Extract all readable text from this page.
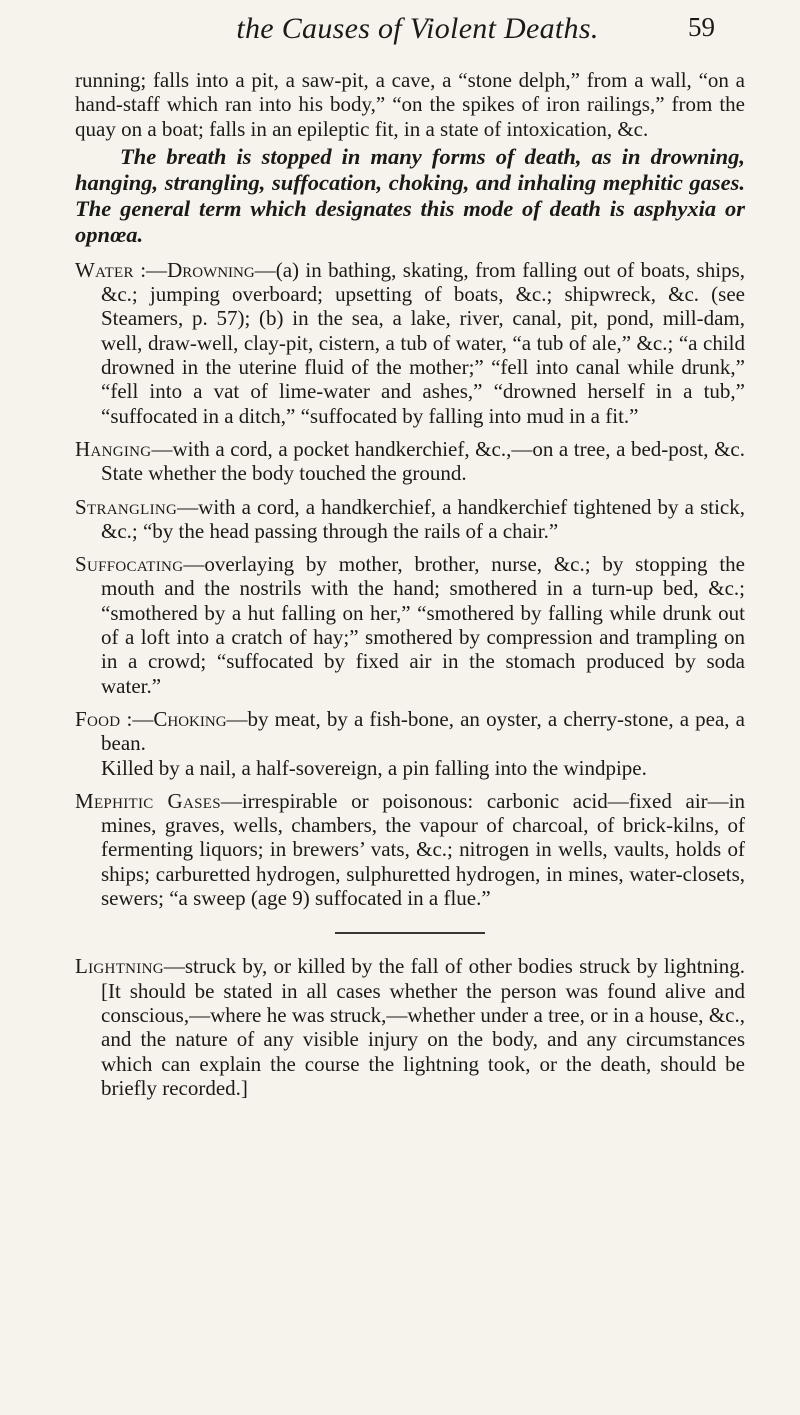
the Causes of Violent Deaths.	59

running; falls into a pit, a saw-pit, a cave, a “stone delph,” from a wall, “on a hand-staff which ran into his body,” “on the spikes of iron railings,” from the quay on a boat; falls in an epileptic fit, in a state of intoxication, &c.

The breath is stopped in many forms of death, as in drowning, hanging, strangling, suffocation, choking, and inhaling mephitic gases. The general term which designates this mode of death is asphyxia or opnœa.

Water :—Drowning—(a) in bathing, skating, from falling out of boats, ships, &c.; jumping overboard; upsetting of boats, &c.; shipwreck, &c. (see Steamers, p. 57); (b) in the sea, a lake, river, canal, pit, pond, mill-dam, well, draw-well, clay-pit, cistern, a tub of water, “a tub of ale,” &c.; “a child drowned in the uterine fluid of the mother;” “fell into canal while drunk,” “fell into a vat of lime-water and ashes,” “drowned herself in a tub,” “suffocated in a ditch,” “suffocated by falling into mud in a fit.”

Hanging—with a cord, a pocket handkerchief, &c.,—on a tree, a bed-post, &c. State whether the body touched the ground.

Strangling—with a cord, a handkerchief, a handkerchief tightened by a stick, &c.; “by the head passing through the rails of a chair.”

Suffocating—overlaying by mother, brother, nurse, &c.; by stopping the mouth and the nostrils with the hand; smothered in a turn-up bed, &c.; “smothered by a hut falling on her,” “smothered by falling while drunk out of a loft into a cratch of hay;” smothered by compression and trampling on in a crowd; “suffocated by fixed air in the stomach produced by soda water.”

Food :—Choking—by meat, by a fish-bone, an oyster, a cherry-stone, a pea, a bean.

Killed by a nail, a half-sovereign, a pin falling into the windpipe.

Mephitic Gases—irrespirable or poisonous: carbonic acid—fixed air—in mines, graves, wells, chambers, the vapour of charcoal, of brick-kilns, of fermenting liquors; in brewers’ vats, &c.; nitrogen in wells, vaults, holds of ships; carburetted hydrogen, sulphuretted hydrogen, in mines, water-closets, sewers; “a sweep (age 9) suffocated in a flue.”

Lightning—struck by, or killed by the fall of other bodies struck by lightning. [It should be stated in all cases whether the person was found alive and conscious,—where he was struck,—whether under a tree, or in a house, &c., and the nature of any visible injury on the body, and any circumstances which can explain the course the lightning took, or the death, should be briefly recorded.]
